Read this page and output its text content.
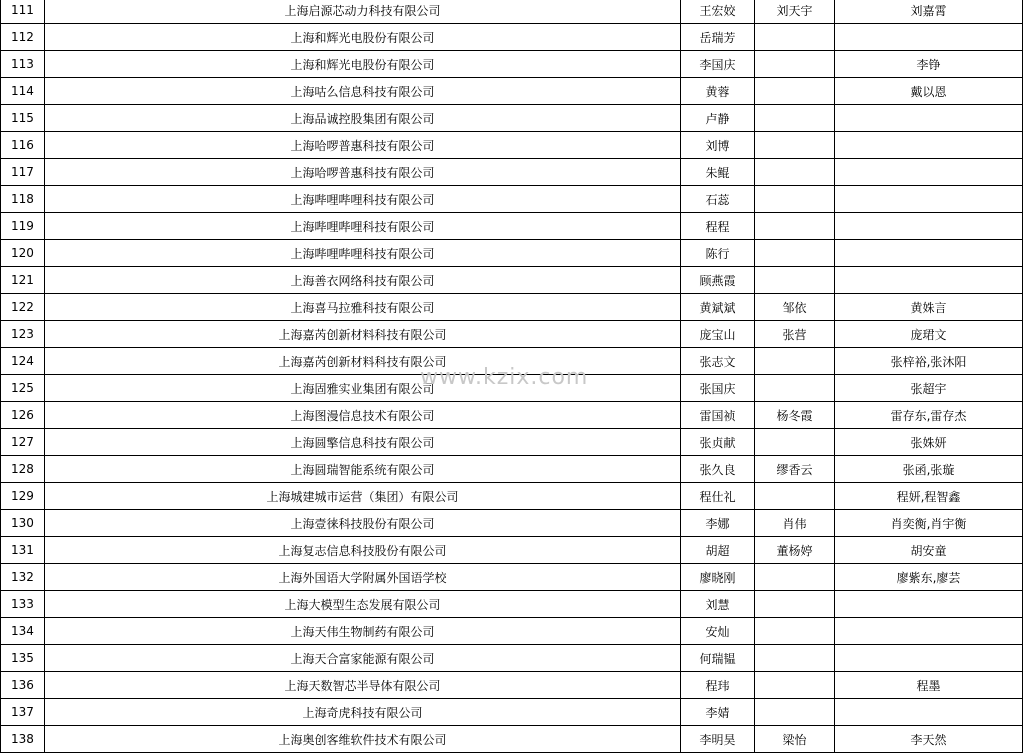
111	上海启源芯动力科技有限公司	王宏姣	刘天宇	刘嘉霄
112	上海和辉光电股份有限公司	岳瑞芳		
113	上海和辉光电股份有限公司	李国庆		李铮
114	上海咕么信息科技有限公司	黄蓉		戴以恩
115	上海品诚控股集团有限公司	卢静		
116	上海哈啰普惠科技有限公司	刘博		
117	上海哈啰普惠科技有限公司	朱鲲		
118	上海哔哩哔哩科技有限公司	石蕊		
119	上海哔哩哔哩科技有限公司	程程		
120	上海哔哩哔哩科技有限公司	陈行		
121	上海善衣网络科技有限公司	顾燕霞		
122	上海喜马拉雅科技有限公司	黄斌斌	邹依	黄姝言
123	上海嘉芮创新材料科技有限公司	庞宝山	张营	庞珺文
124	上海嘉芮创新材料科技有限公司	张志文		张梓裕,张沐阳
125	上海固雅实业集团有限公司	张国庆		张超宇
126	上海图漫信息技术有限公司	雷国祯	杨冬霞	雷存东,雷存杰
127	上海圆擎信息科技有限公司	张贞献		张姝妍
128	上海圆瑞智能系统有限公司	张久良	缪香云	张函,张璇
129	上海城建城市运营（集团）有限公司	程仕礼		程妍,程智鑫
130	上海壹徕科技股份有限公司	李娜	肖伟	肖奕衡,肖宇衡
131	上海复志信息科技股份有限公司	胡超	董杨婷	胡安童
132	上海外国语大学附属外国语学校	廖晓刚		廖紫东,廖芸
133	上海大模型生态发展有限公司	刘慧		
134	上海天伟生物制药有限公司	安灿		
135	上海天合富家能源有限公司	何瑞韫		
136	上海天数智芯半导体有限公司	程玮		程墨
137	上海奇虎科技有限公司	李婧		
138	上海奥创客维软件技术有限公司	李明昊	梁怡	李天然
www.kzix.com
